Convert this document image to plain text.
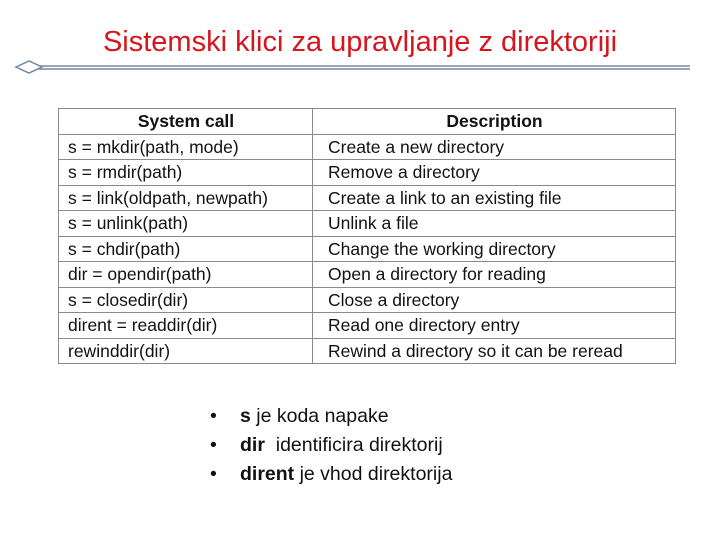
Sistemski klici za upravljanje z direktoriji
System call	Description
s = mkdir(path, mode)	Create a new directory
s = rmdir(path)	Remove a directory
s = link(oldpath, newpath)	Create a link to an existing file
s = unlink(path)	Unlink a file
s = chdir(path)	Change the working directory
dir = opendir(path)	Open a directory for reading
s = closedir(dir)	Close a directory
dirent = readdir(dir)	Read one directory entry
rewinddir(dir)	Rewind a directory so it can be reread
• s je koda napake
• dir  identificira direktorij
• dirent je vhod direktorija
